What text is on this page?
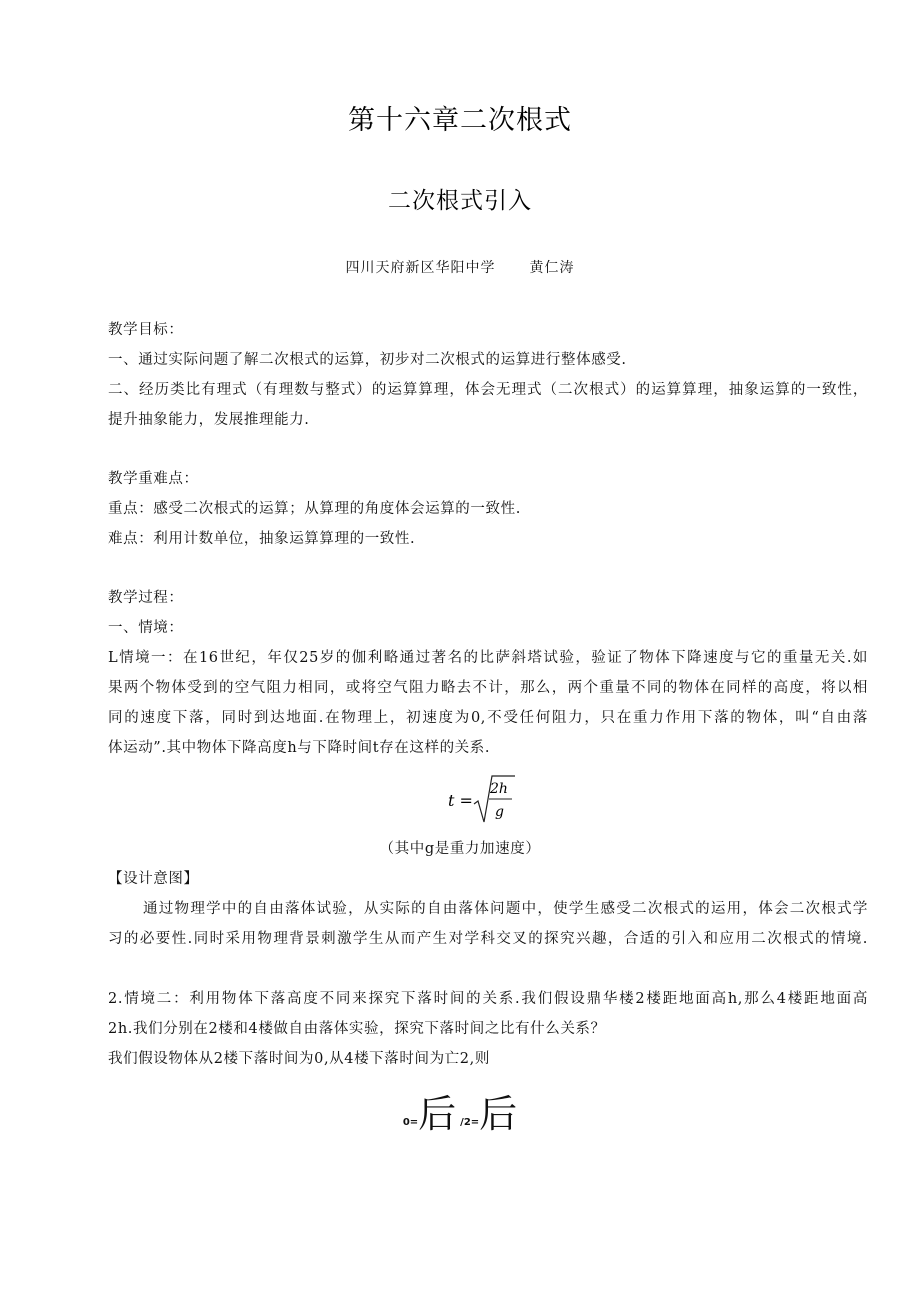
第十六章二次根式
二次根式引入
四川天府新区华阳中学 黄仁涛
教学目标：
一、通过实际问题了解二次根式的运算，初步对二次根式的运算进行整体感受.
二、经历类比有理式（有理数与整式）的运算算理，体会无理式（二次根式）的运算算理，抽象运算的一致性，
提升抽象能力，发展推理能力.
教学重难点：
重点：感受二次根式的运算；从算理的角度体会运算的一致性.
难点：利用计数单位，抽象运算算理的一致性.
教学过程：
一、情境：
L情境一：在16世纪，年仅25岁的伽利略通过著名的比萨斜塔试验，验证了物体下降速度与它的重量无关.如
果两个物体受到的空气阻力相同，或将空气阻力略去不计，那么，两个重量不同的物体在同样的高度，将以相
同的速度下落，同时到达地面.在物理上，初速度为0,不受任何阻力，只在重力作用下落的物体，叫“自由落
体运动”.其中物体下降高度h与下降时间t存在这样的关系.
t =
2h
g
（其中g是重力加速度）
【设计意图】
通过物理学中的自由落体试验，从实际的自由落体问题中，使学生感受二次根式的运用，体会二次根式学
习的必要性.同时采用物理背景刺激学生从而产生对学科交叉的探究兴趣，合适的引入和应用二次根式的情境.
2.情境二：利用物体下落高度不同来探究下落时间的关系.我们假设鼎华楼2楼距地面高h,那么4楼距地面高
2h.我们分别在2楼和4楼做自由落体实验，探究下落时间之比有什么关系？
我们假设物体从2楼下落时间为0,从4楼下落时间为亡2,则
0=后 /2=后
